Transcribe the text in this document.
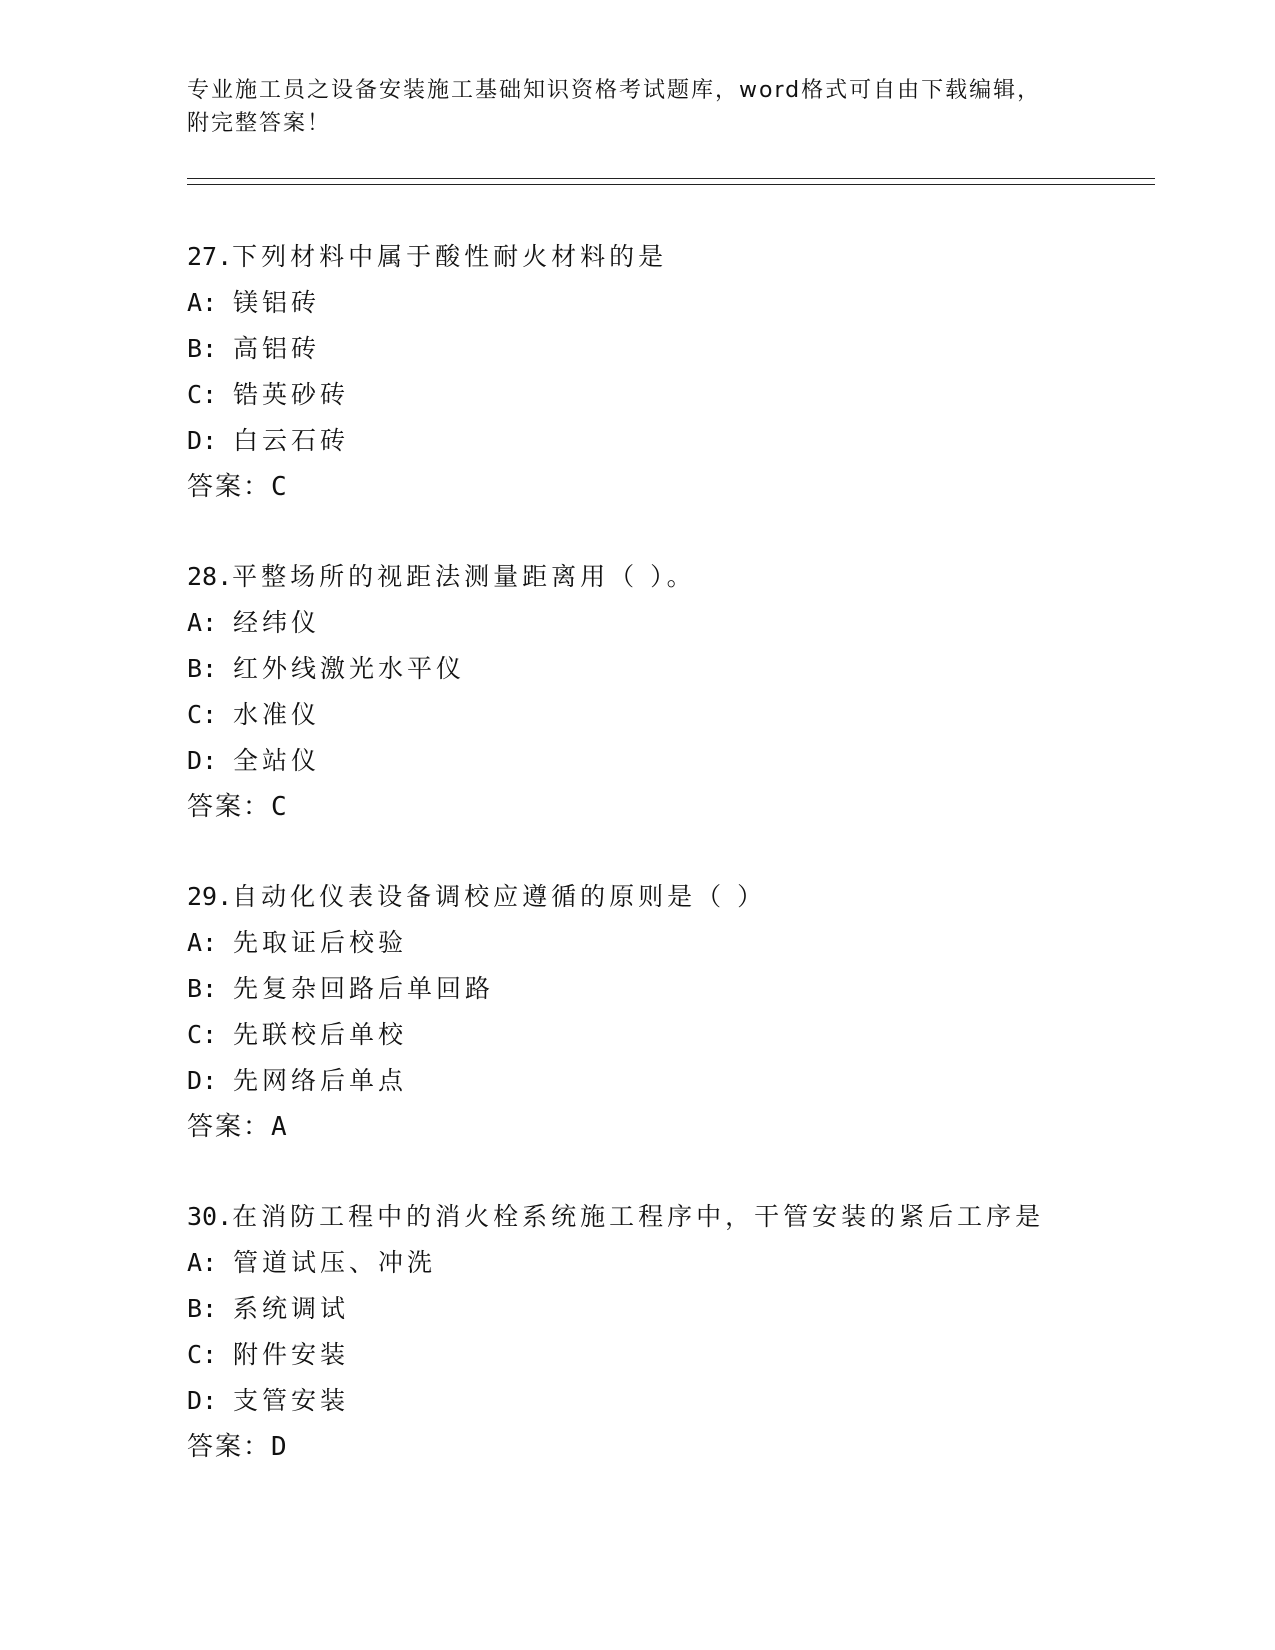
专业施工员之设备安装施工基础知识资格考试题库，word格式可自由下载编辑，
附完整答案！
27.下列材料中属于酸性耐火材料的是
A: 镁铝砖
B: 高铝砖
C: 锆英砂砖
D: 白云石砖
答案：C
28.平整场所的视距法测量距离用（ ）。
A: 经纬仪
B: 红外线激光水平仪
C: 水准仪
D: 全站仪
答案：C
29.自动化仪表设备调校应遵循的原则是（ ）
A: 先取证后校验
B: 先复杂回路后单回路
C: 先联校后单校
D: 先网络后单点
答案：A
30.在消防工程中的消火栓系统施工程序中，干管安装的紧后工序是
A: 管道试压、冲洗
B: 系统调试
C: 附件安装
D: 支管安装
答案：D
